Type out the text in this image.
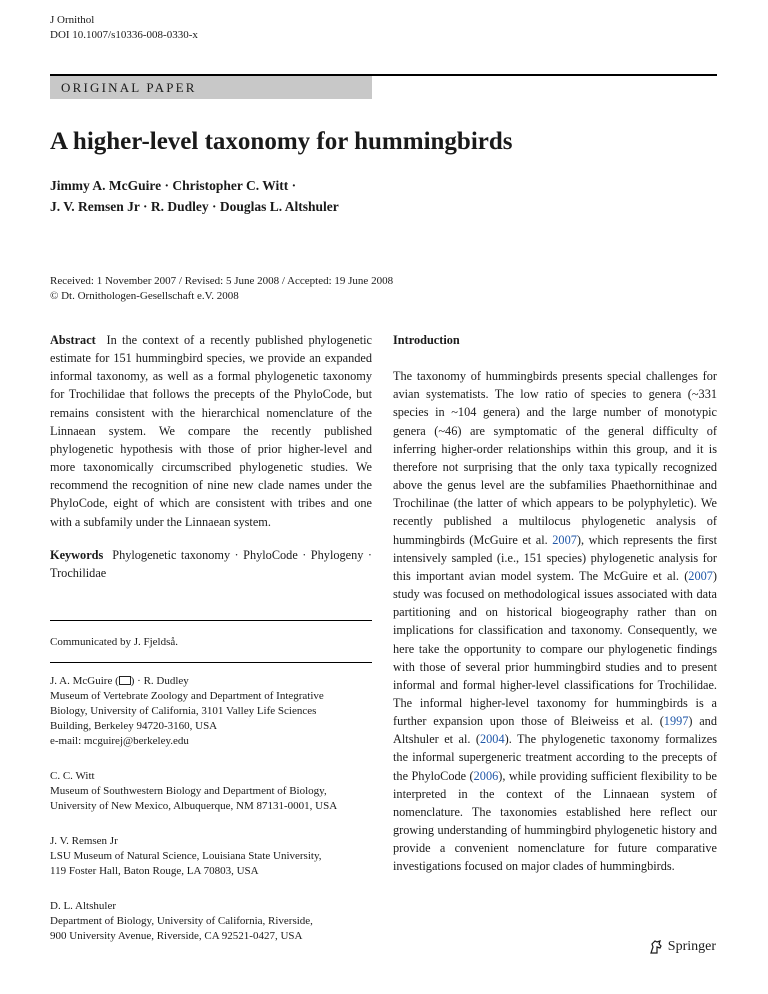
J Ornithol
DOI 10.1007/s10336-008-0330-x
ORIGINAL PAPER
A higher-level taxonomy for hummingbirds
Jimmy A. McGuire · Christopher C. Witt ·
J. V. Remsen Jr · R. Dudley · Douglas L. Altshuler
Received: 1 November 2007 / Revised: 5 June 2008 / Accepted: 19 June 2008
© Dt. Ornithologen-Gesellschaft e.V. 2008
Abstract In the context of a recently published phylogenetic estimate for 151 hummingbird species, we provide an expanded informal taxonomy, as well as a formal phylogenetic taxonomy for Trochilidae that follows the precepts of the PhyloCode, but remains consistent with the hierarchical nomenclature of the Linnaean system. We compare the recently published phylogenetic hypothesis with those of prior higher-level and more taxonomically circumscribed phylogenetic studies. We recommend the recognition of nine new clade names under the PhyloCode, eight of which are consistent with tribes and one with a subfamily under the Linnaean system.
Keywords Phylogenetic taxonomy · PhyloCode · Phylogeny · Trochilidae
Communicated by J. Fjeldså.
J. A. McGuire ( ) · R. Dudley
Museum of Vertebrate Zoology and Department of Integrative
Biology, University of California, 3101 Valley Life Sciences
Building, Berkeley 94720-3160, USA
e-mail: mcguirej@berkeley.edu
C. C. Witt
Museum of Southwestern Biology and Department of Biology,
University of New Mexico, Albuquerque, NM 87131-0001, USA
J. V. Remsen Jr
LSU Museum of Natural Science, Louisiana State University,
119 Foster Hall, Baton Rouge, LA 70803, USA
D. L. Altshuler
Department of Biology, University of California, Riverside,
900 University Avenue, Riverside, CA 92521-0427, USA
Introduction
The taxonomy of hummingbirds presents special challenges for avian systematists. The low ratio of species to genera (~331 species in ~104 genera) and the large number of monotypic genera (~46) are symptomatic of the general difficulty of inferring higher-order relationships within this group, and it is therefore not surprising that the only taxa typically recognized above the genus level are the subfamilies Phaethornithinae and Trochilinae (the latter of which appears to be polyphyletic). We recently published a multilocus phylogenetic analysis of hummingbirds (McGuire et al. 2007), which represents the first intensively sampled (i.e., 151 species) phylogenetic analysis for this important avian model system. The McGuire et al. (2007) study was focused on methodological issues associated with data partitioning and on historical biogeography rather than on implications for classification and taxonomy. Consequently, we here take the opportunity to compare our phylogenetic findings with those of several prior hummingbird studies and to present informal and formal higher-level classifications for Trochilidae. The informal higher-level taxonomy for hummingbirds is a further expansion upon those of Bleiweiss et al. (1997) and Altshuler et al. (2004). The phylogenetic taxonomy formalizes the informal supergeneric treatment according to the precepts of the PhyloCode (2006), while providing sufficient flexibility to be interpreted in the context of the Linnaean system of nomenclature. The taxonomies established here reflect our growing understanding of hummingbird phylogenetic history and provide a convenient nomenclature for future comparative investigations focused on major clades of hummingbirds.
Springer
